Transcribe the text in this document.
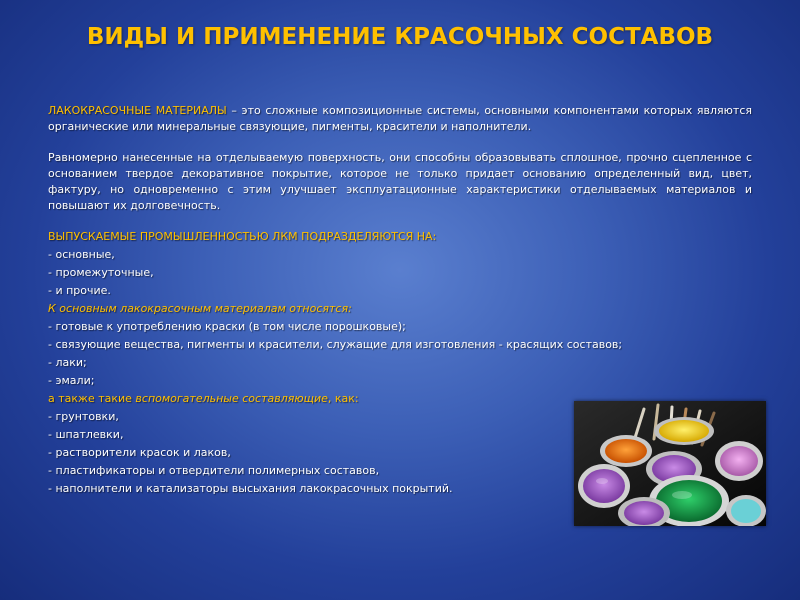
ВИДЫ И ПРИМЕНЕНИЕ КРАСОЧНЫХ СОСТАВОВ

ЛАКОКРАСОЧНЫЕ МАТЕРИАЛЫ – это сложные композиционные системы, основными компонентами которых являются органические или минеральные связующие, пигменты, красители и наполнители.

Равномерно нанесенные на отделываемую поверхность, они способны образовывать сплошное, прочно сцепленное с основанием твердое декоративное покрытие, которое не только придает основанию определенный вид, цвет, фактуру, но одновременно с этим улучшает эксплуатационные характеристики отделываемых материалов и повышают их долговечность.

ВЫПУСКАЕМЫЕ ПРОМЫШЛЕННОСТЬЮ ЛКМ ПОДРАЗДЕЛЯЮТСЯ НА:

- основные,

- промежуточные,

- и прочие.

К основным лакокрасочным материалам относятся:

- готовые к употреблению краски (в том числе порошковые);

- связующие вещества, пигменты и красители, служащие для изготовления - красящих составов;

- лаки;

- эмали;

а также такие вспомогательные составляющие, как:

- грунтовки,

- шпатлевки,

- растворители красок и лаков,

- пластификаторы и отвердители полимерных составов,

- наполнители и катализаторы высыхания лакокрасочных покрытий.
